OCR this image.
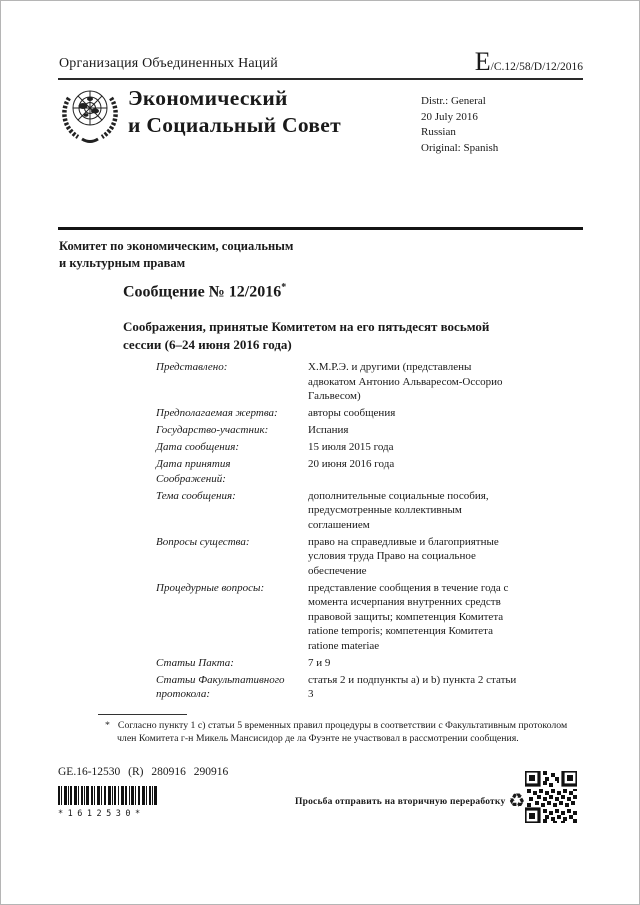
Организация Объединенных Наций	E/C.12/58/D/12/2016
Экономический
и Социальный Совет
Distr.: General
20 July 2016
Russian
Original: Spanish
Комитет по экономическим, социальным
и культурным правам
Сообщение № 12/2016*
Соображения, принятые Комитетом на его пятьдесят восьмой сессии (6–24 июня 2016 года)
Представлено:	Х.М.Р.Э. и другими (представлены адвокатом Антонио Альваресом-Оссорио Гальвесом)
Предполагаемая жертва:	авторы сообщения
Государство-участник:	Испания
Дата сообщения:	15 июля 2015 года
Дата принятия Соображений:
20 июня 2016 года
Тема сообщения:	дополнительные социальные пособия, предусмотренные коллективным соглашением
Вопросы существа:	право на справедливые и благоприятные условия труда Право на социальное обеспечение
Процедурные вопросы:	представление сообщения в течение года с момента исчерпания внутренних средств правовой защиты; компетенция Комитета ratione temporis; компетенция Комитета ratione materiae
Статьи Пакта:	7 и 9
Статьи Факультативного протокола:
статья 2 и подпункты a) и b) пункта 2 статьи 3
* Согласно пункту 1 с) статьи 5 временных правил процедуры в соответствии с Факультативным протоколом член Комитета г-н Микель Мансисидор де ла Фуэнте не участвовал в рассмотрении сообщения.
GE.16-12530 (R) 280916 290916
*1612530*
Просьба отправить на вторичную переработку ♻
